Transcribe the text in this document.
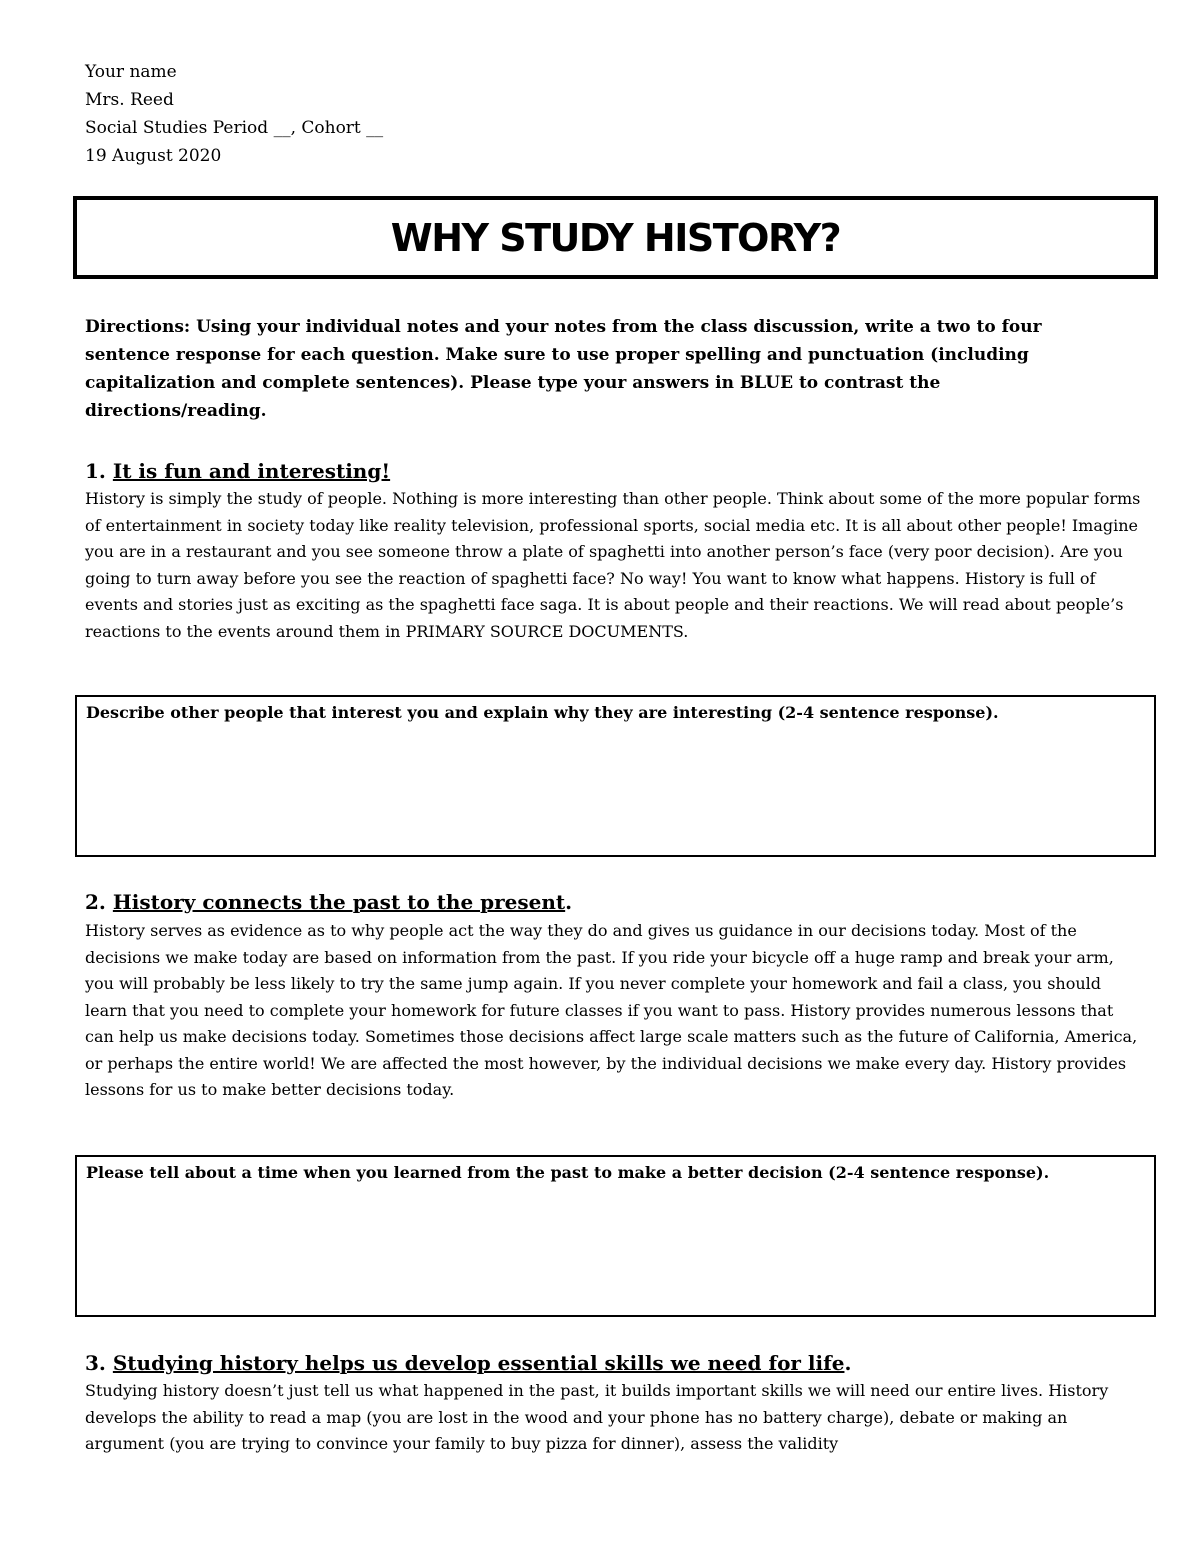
Your name
Mrs. Reed
Social Studies Period __, Cohort __
19 August 2020
WHY STUDY HISTORY?
Directions: Using your individual notes and your notes from the class discussion, write a two to four sentence response for each question. Make sure to use proper spelling and punctuation (including capitalization and complete sentences). Please type your answers in BLUE to contrast the directions/reading.
1. It is fun and interesting!
History is simply the study of people. Nothing is more interesting than other people. Think about some of the more popular forms of entertainment in society today like reality television, professional sports, social media etc. It is all about other people! Imagine you are in a restaurant and you see someone throw a plate of spaghetti into another person’s face (very poor decision). Are you going to turn away before you see the reaction of spaghetti face? No way! You want to know what happens. History is full of events and stories just as exciting as the spaghetti face saga. It is about people and their reactions. We will read about people’s reactions to the events around them in PRIMARY SOURCE DOCUMENTS.
Describe other people that interest you and explain why they are interesting (2-4 sentence response).
2. History connects the past to the present.
History serves as evidence as to why people act the way they do and gives us guidance in our decisions today. Most of the decisions we make today are based on information from the past. If you ride your bicycle off a huge ramp and break your arm, you will probably be less likely to try the same jump again. If you never complete your homework and fail a class, you should learn that you need to complete your homework for future classes if you want to pass. History provides numerous lessons that can help us make decisions today. Sometimes those decisions affect large scale matters such as the future of California, America, or perhaps the entire world! We are affected the most however, by the individual decisions we make every day. History provides lessons for us to make better decisions today.
Please tell about a time when you learned from the past to make a better decision (2-4 sentence response).
3. Studying history helps us develop essential skills we need for life.
Studying history doesn’t just tell us what happened in the past, it builds important skills we will need our entire lives. History develops the ability to read a map (you are lost in the wood and your phone has no battery charge), debate or making an argument (you are trying to convince your family to buy pizza for dinner), assess the validity
